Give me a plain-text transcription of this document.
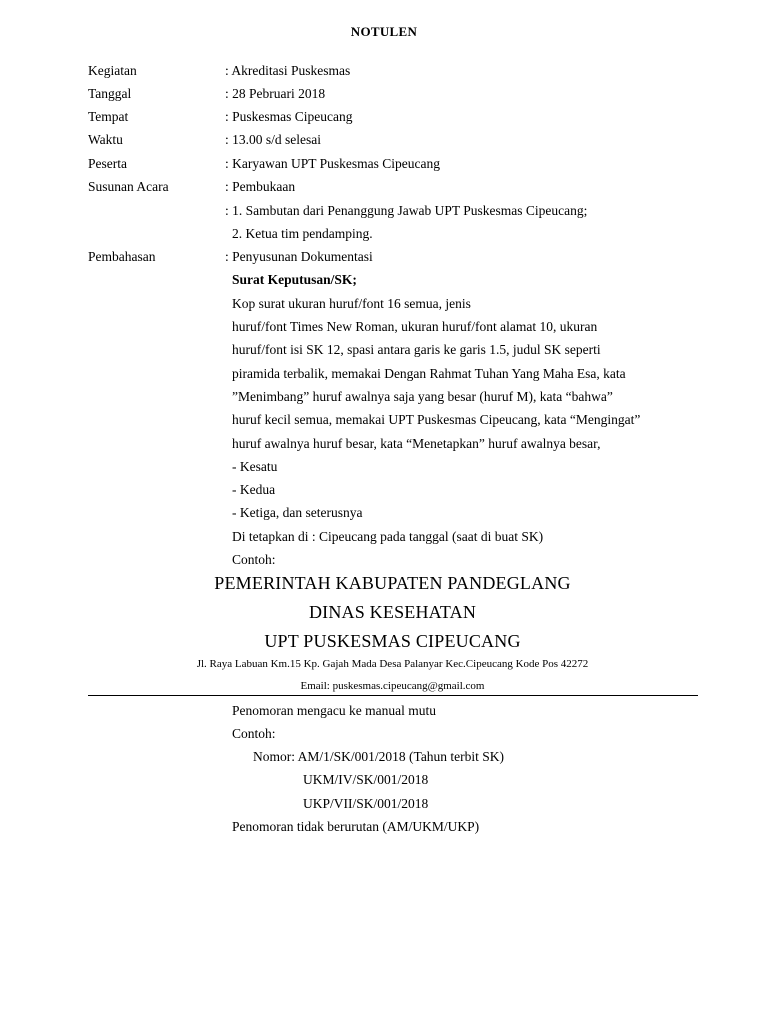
NOTULEN
Kegiatan	: Akreditasi Puskesmas
Tanggal	: 28 Pebruari 2018
Tempat	: Puskesmas Cipeucang
Waktu	: 13.00 s/d selesai
Peserta	: Karyawan UPT Puskesmas Cipeucang
Susunan Acara	: Pembukaan
: 1. Sambutan dari Penanggung Jawab UPT Puskesmas Cipeucang;
2. Ketua tim pendamping.
Pembahasan	: Penyusunan Dokumentasi
Surat Keputusan/SK;
Kop surat ukuran huruf/font 16 semua, jenis
huruf/font Times New Roman, ukuran huruf/font alamat 10, ukuran
huruf/font isi SK 12, spasi antara garis ke garis 1.5, judul SK seperti
piramida terbalik, memakai Dengan Rahmat Tuhan Yang Maha Esa, kata
”Menimbang” huruf awalnya saja yang besar (huruf M), kata “bahwa”
huruf kecil semua, memakai UPT Puskesmas Cipeucang, kata “Mengingat”
huruf awalnya huruf besar, kata “Menetapkan” huruf awalnya besar,
- Kesatu
- Kedua
- Ketiga, dan seterusnya
Di tetapkan di : Cipeucang pada tanggal (saat di buat SK)
Contoh:
PEMERINTAH KABUPATEN PANDEGLANG
DINAS KESEHATAN
UPT PUSKESMAS CIPEUCANG
Jl. Raya Labuan Km.15 Kp. Gajah Mada Desa Palanyar Kec.Cipeucang Kode Pos 42272
Email: puskesmas.cipeucang@gmail.com
Penomoran mengacu ke manual mutu
Contoh:
Nomor: AM/1/SK/001/2018 (Tahun terbit SK)
UKM/IV/SK/001/2018
UKP/VII/SK/001/2018
Penomoran tidak berurutan (AM/UKM/UKP)
